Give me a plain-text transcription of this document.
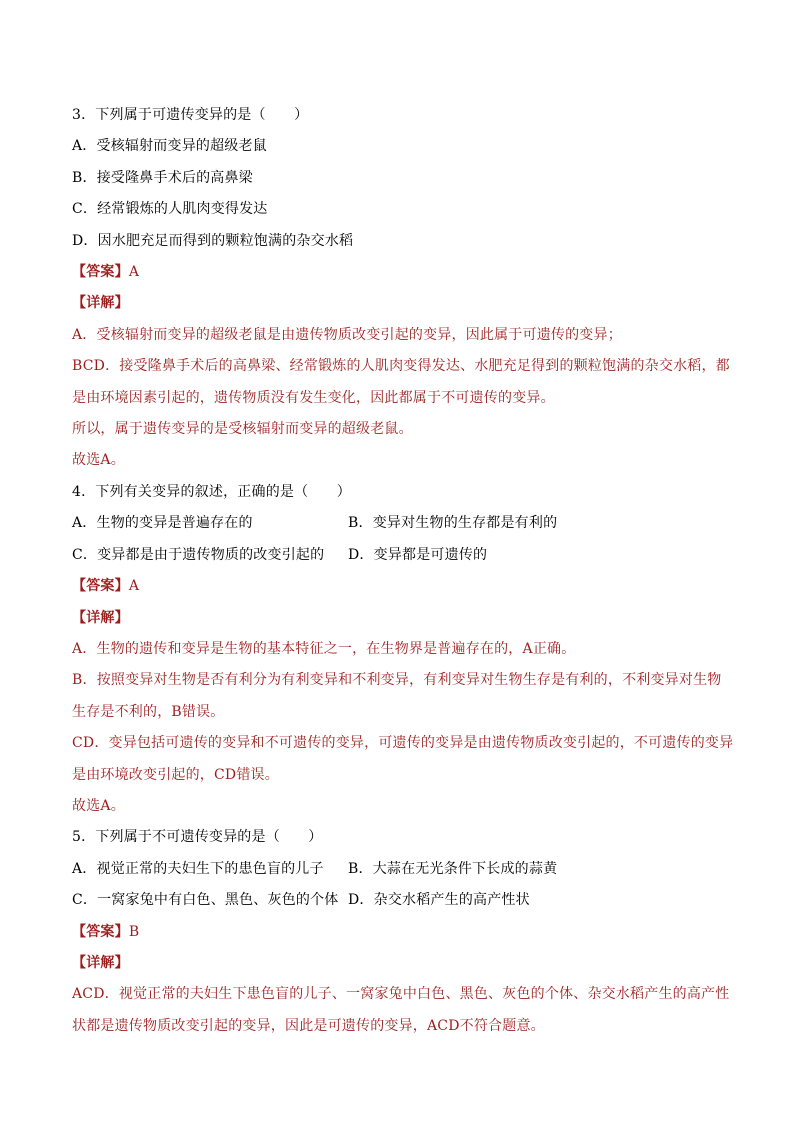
3．下列属于可遗传变异的是（　　）
A．受核辐射而变异的超级老鼠
B．接受隆鼻手术后的高鼻梁
C．经常锻炼的人肌肉变得发达
D．因水肥充足而得到的颗粒饱满的杂交水稻
【答案】A
【详解】
A．受核辐射而变异的超级老鼠是由遗传物质改变引起的变异，因此属于可遗传的变异；
BCD．接受隆鼻手术后的高鼻梁、经常锻炼的人肌肉变得发达、水肥充足得到的颗粒饱满的杂交水稻，都
是由环境因素引起的，遗传物质没有发生变化，因此都属于不可遗传的变异。
所以，属于遗传变异的是受核辐射而变异的超级老鼠。
故选A。
4．下列有关变异的叙述，正确的是（　　）
A．生物的变异是普遍存在的	B．变异对生物的生存都是有利的
C．变异都是由于遗传物质的改变引起的	D．变异都是可遗传的
【答案】A
【详解】
A．生物的遗传和变异是生物的基本特征之一，在生物界是普遍存在的，A正确。
B．按照变异对生物是否有利分为有利变异和不利变异，有利变异对生物生存是有利的，不利变异对生物
生存是不利的，B错误。
CD．变异包括可遗传的变异和不可遗传的变异，可遗传的变异是由遗传物质改变引起的，不可遗传的变异
是由环境改变引起的，CD错误。
故选A。
5．下列属于不可遗传变异的是（　　）
A．视觉正常的夫妇生下的患色盲的儿子	B．大蒜在无光条件下长成的蒜黄
C．一窝家兔中有白色、黑色、灰色的个体 D．杂交水稻产生的高产性状
【答案】B
【详解】
ACD．视觉正常的夫妇生下患色盲的儿子、一窝家兔中白色、黑色、灰色的个体、杂交水稻产生的高产性
状都是遗传物质改变引起的变异，因此是可遗传的变异，ACD不符合题意。
